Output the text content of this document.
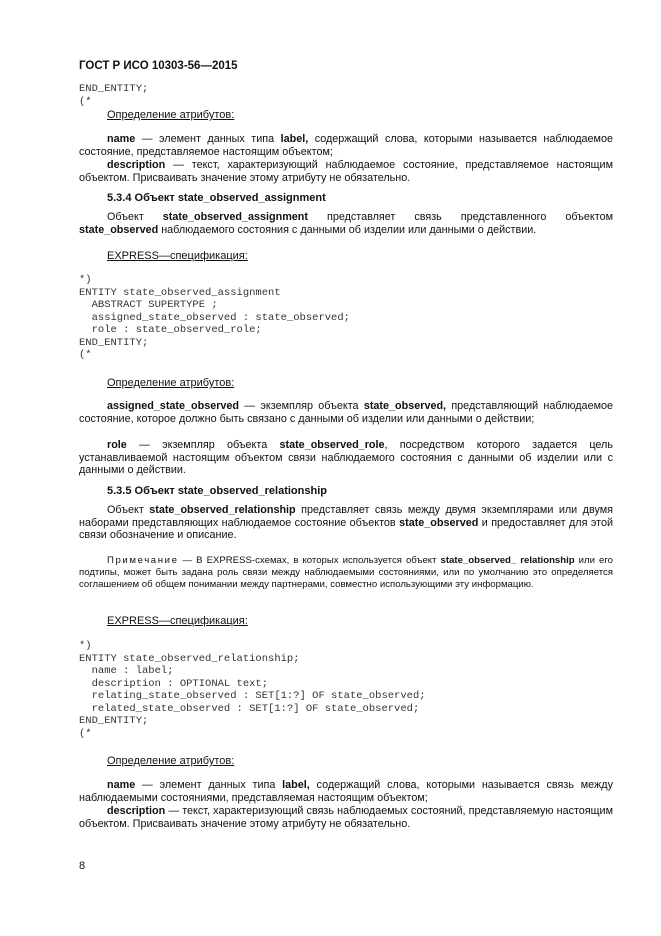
ГОСТ Р ИСО 10303-56—2015
END_ENTITY;
(*
Определение атрибутов:
name — элемент данных типа label, содержащий слова, которыми называется наблюдаемое состояние, представляемое настоящим объектом;
description — текст, характеризующий наблюдаемое состояние, представляемое настоящим объектом. Присваивать значение этому атрибуту не обязательно.
5.3.4 Объект state_observed_assignment
Объект state_observed_assignment представляет связь представленного объектом state_observed наблюдаемого состояния с данными об изделии или данными о действии.
EXPRESS—спецификация:
*)
ENTITY state_observed_assignment
ABSTRACT SUPERTYPE ;
assigned_state_observed : state_observed;
role : state_observed_role;
END_ENTITY;
(*
Определение атрибутов:
assigned_state_observed — экземпляр объекта state_observed, представляющий наблюдаемое состояние, которое должно быть связано с данными об изделии или данными о действии;
role — экземпляр объекта state_observed_role, посредством которого задается цель устанавливаемой настоящим объектом связи наблюдаемого состояния с данными об изделии или с данными о действии.
5.3.5 Объект state_observed_relationship
Объект state_observed_relationship представляет связь между двумя экземплярами или двумя наборами представляющих наблюдаемое состояние объектов state_observed и предоставляет для этой связи обозначение и описание.
Примечание — В EXPRESS-схемах, в которых используется объект state_observed_ relationship или его подтипы, может быть задана роль связи между наблюдаемыми состояниями, или по умолчанию это определяется соглашением об общем понимании между партнерами, совместно использующими эту информацию.
EXPRESS—спецификация:
*)
ENTITY state_observed_relationship;
name : label;
description : OPTIONAL text;
relating_state_observed : SET[1:?] OF state_observed;
related_state_observed : SET[1:?] OF state_observed;
END_ENTITY;
(*
Определение атрибутов:
name — элемент данных типа label, содержащий слова, которыми называется связь между наблюдаемыми состояниями, представляемая настоящим объектом;
description — текст, характеризующий связь наблюдаемых состояний, представляемую настоящим объектом. Присваивать значение этому атрибуту не обязательно.
8
